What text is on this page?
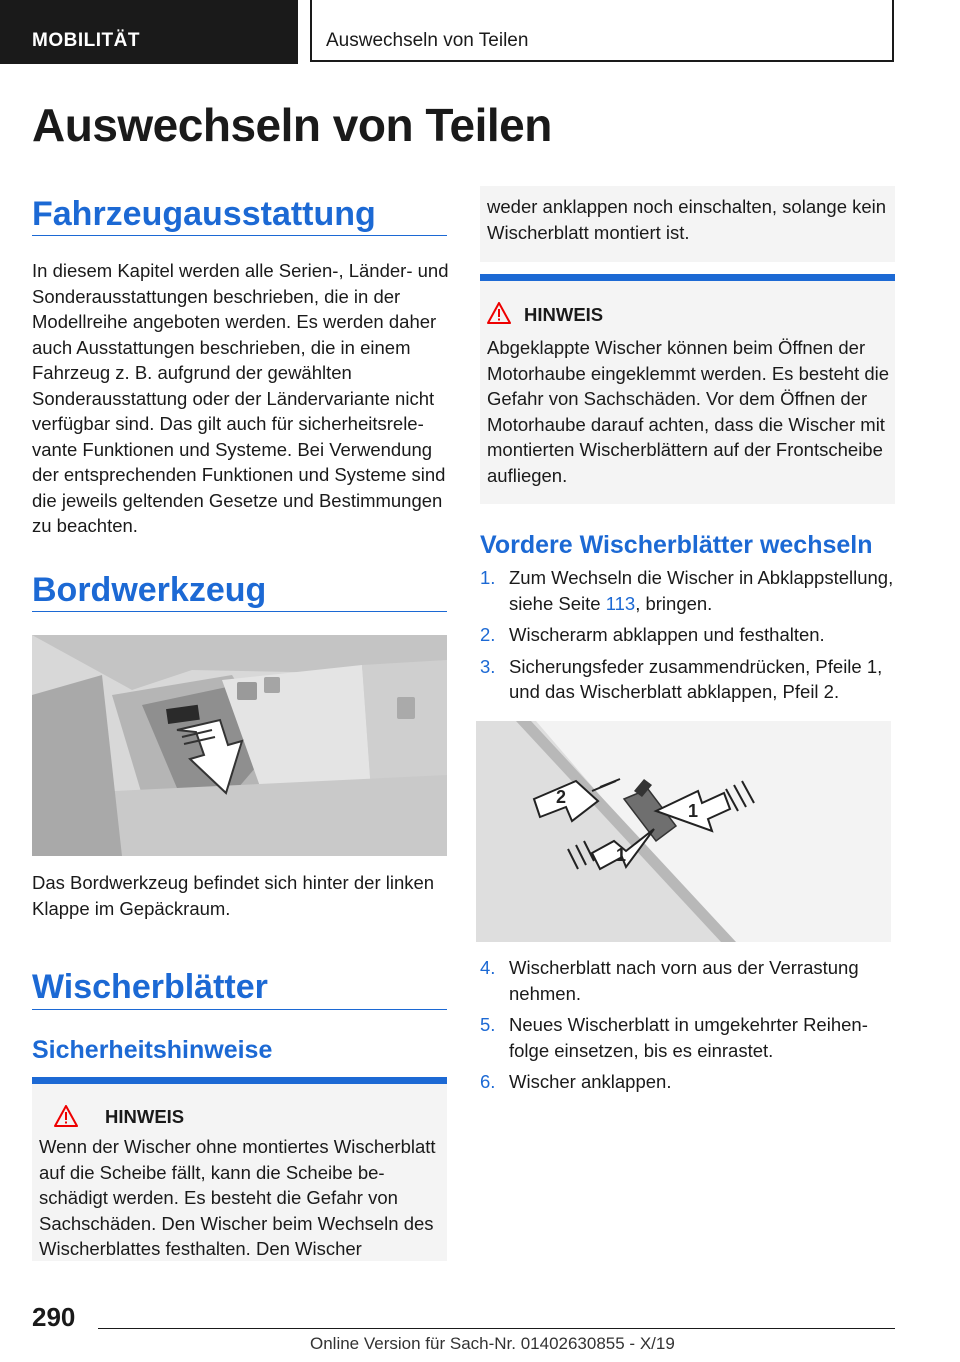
MOBILITÄT	Auswechseln von Teilen
Auswechseln von Teilen
Fahrzeugausstattung

In diesem Kapitel werden alle Serien-, Länder- und Sonderausstattungen beschrieben, die in der Modellreihe angeboten werden. Es werden daher auch Ausstattungen beschrieben, die in einem Fahrzeug z. B. aufgrund der gewählten Sonderausstattung oder der Ländervariante nicht verfügbar sind. Das gilt auch für sicherheitsrelevante Funktionen und Systeme. Bei Verwendung der entsprechenden Funktionen und Systeme sind die jeweils geltenden Gesetze und Bestimmungen zu beachten.

Bordwerkzeug

Das Bordwerkzeug befindet sich hinter der linken Klappe im Gepäckraum.

Wischerblätter
Sicherheitshinweise
HINWEIS

Wenn der Wischer ohne montiertes Wischerblatt auf die Scheibe fällt, kann die Scheibe beschädigt werden. Es besteht die Gefahr von Sachschäden. Den Wischer beim Wechseln des Wischerblattes festhalten. Den Wischer

weder anklappen noch einschalten, solange kein Wischerblatt montiert ist.

HINWEIS

Abgeklappte Wischer können beim Öffnen der Motorhaube eingeklemmt werden. Es besteht die Gefahr von Sachschäden. Vor dem Öffnen der Motorhaube darauf achten, dass die Wischer mit montierten Wischerblättern auf der Frontscheibe aufliegen.

Vordere Wischerblätter wechseln
1. Zum Wechseln die Wischer in Abklappstellung, siehe Seite 113, bringen.
2. Wischerarm abklappen und festhalten.
3. Sicherungsfeder zusammendrücken, Pfeile 1, und das Wischerblatt abklappen, Pfeil 2.
2
1
1
4. Wischerblatt nach vorn aus der Verrastung nehmen.
5. Neues Wischerblatt in umgekehrter Reihenfolge einsetzen, bis es einrastet.
6. Wischer anklappen.
290
Online Version für Sach-Nr. 01402630855 - X/19
